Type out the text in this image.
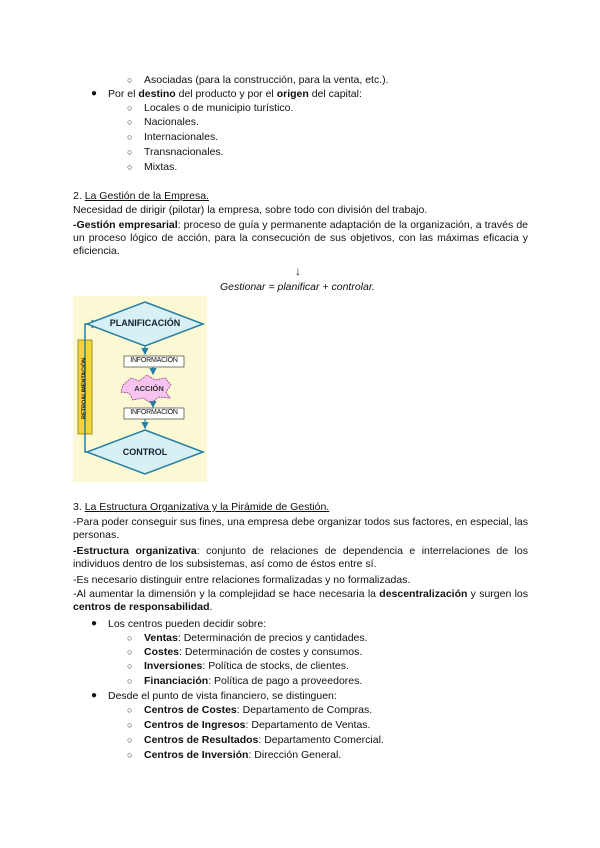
○ Asociadas (para la construcción, para la venta, etc.).
● Por el destino del producto y por el origen del capital:
○ Locales o de municipio turístico.
○ Nacionales.
○ Internacionales.
○ Transnacionales.
○ Mixtas.
2. La Gestión de la Empresa.
Necesidad de dirigir (pilotar) la empresa, sobre todo con división del trabajo.
-Gestión empresarial: proceso de guía y permanente adaptación de la organización, a través de un proceso lógico de acción, para la consecución de sus objetivos, con las máximas eficacia y eficiencia.
↓
Gestionar = planificar + controlar.
PLANIFICACIÓN
INFORMACIÓN
ACCIÓN
INFORMACIÓN
CONTROL
RETROALIMENTACIÓN
3. La Estructura Organizativa y la Pirámide de Gestión.
-Para poder conseguir sus fines, una empresa debe organizar todos sus factores, en especial, las personas.
-Estructura organizativa: conjunto de relaciones de dependencia e interrelaciones de los individuos dentro de los subsistemas, así como de éstos entre sí.
-Es necesario distinguir entre relaciones formalizadas y no formalizadas.
-Al aumentar la dimensión y la complejidad se hace necesaria la descentralización y surgen los centros de responsabilidad.
● Los centros pueden decidir sobre:
○ Ventas: Determinación de precios y cantidades.
○ Costes: Determinación de costes y consumos.
○ Inversiones: Política de stocks, de clientes.
○ Financiación: Política de pago a proveedores.
● Desde el punto de vista financiero, se distinguen:
○ Centros de Costes: Departamento de Compras.
○ Centros de Ingresos: Departamento de Ventas.
○ Centros de Resultados: Departamento Comercial.
○ Centros de Inversión: Dirección General.
